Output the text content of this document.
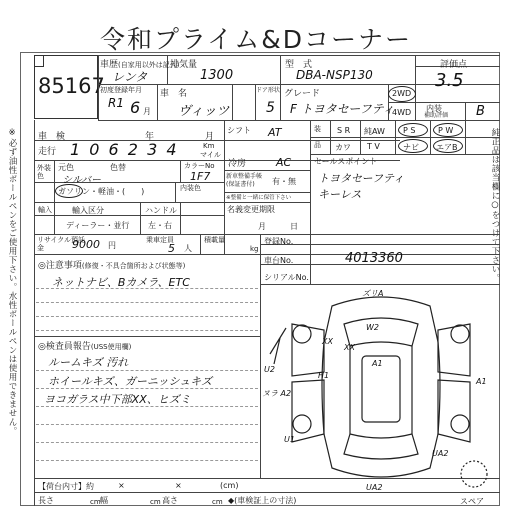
令和プライム&Dコーナー
85167
車歴(自家用以外は記入)
レンタ
排気量
1300
型　式
DBA-NSP130
評価点
3.5
初度登録年月
R1 6 月
車　名
ヴィッツ
ドア形状
5
グレード
F トヨタセーフティ
2WD
4WD 内装
補助評価 B
※必ず油性ボールペンをご使用下さい。水性ボールペンは使用できません。	純正品は該当欄に○をつけて下さい。
車　検	年	月
走行 1 0 6 2 3 4	Km
マイル
外装色
元色	色替
シルバー
カラーNo
1F7
ガソリン・軽油・(　　)	内装色
輸入	輸入区分	ハンドル
ディーラー・並行 左・右
リサイクル預託金	9000 円
乗車定員
5 人
積載量
kg
シフト AT
冷房	AC
新車整備手帳(保証書付)	有・無
※整備と一緒に保管下さい
名義変更期限
月	日
登録No.
車台No.	4013360
シリアルNo.
装
品
S R 純AW P S	P W
カワ T V	ナビ エアB
セールスポイント
トヨタセーフティ
キーレス
◎注意事項(修復・不具合箇所および状態等)
ネットナビ、Bカメラ、ETC
◎検査員報告(USS使用欄)
ルームキズ 汚れ
ホイールキズ、ガーニッシュキズ
ヨコガラス中下部XX、ヒズミ
【荷台内寸】約	×	×	(cm)
長さ	cm 幅	cm 高さ	cm ◆(車検証上の寸法)	スペア
ズリA
W2
XX
A1
U2
H1
ヌラ A2
A1
U1
UA2
XX
UA2
